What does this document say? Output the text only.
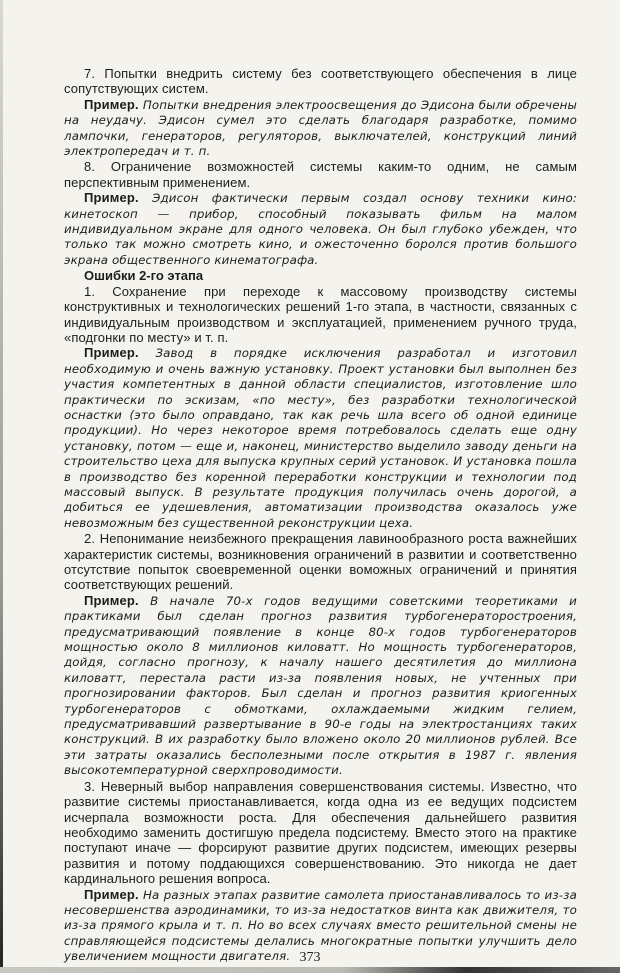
7. Попытки внедрить систему без соответствующего обеспечения в лице сопутствующих систем.

Пример. Попытки внедрения электроосвещения до Эдисона были обречены на неудачу. Эдисон сумел это сделать благодаря разработке, помимо лампочки, генераторов, регуляторов, выключателей, конструкций линий электропередач и т. п.

8. Ограничение возможностей системы каким-то одним, не самым перспективным применением.

Пример. Эдисон фактически первым создал основу техники кино: кинетоскоп — прибор, способный показывать фильм на малом индивидуальном экране для одного человека. Он был глубоко убежден, что только так можно смотреть кино, и ожесточенно боролся против большого экрана общественного кинематографа.

Ошибки 2-го этапа

1. Сохранение при переходе к массовому производству системы конструктивных и технологических решений 1-го этапа, в частности, связанных с индивидуальным производством и эксплуатацией, применением ручного труда, «подгонки по месту» и т. п.

Пример. Завод в порядке исключения разработал и изготовил необходимую и очень важную установку. Проект установки был выполнен без участия компетентных в данной области специалистов, изготовление шло практически по эскизам, «по месту», без разработки технологической оснастки (это было оправдано, так как речь шла всего об одной единице продукции). Но через некоторое время потребовалось сделать еще одну установку, потом — еще и, наконец, министерство выделило заводу деньги на строительство цеха для выпуска крупных серий установок. И установка пошла в производство без коренной переработки конструкции и технологии под массовый выпуск. В результате продукция получилась очень дорогой, а добиться ее удешевления, автоматизации производства оказалось уже невозможным без существенной реконструкции цеха.

2. Непонимание неизбежного прекращения лавинообразного роста важнейших характеристик системы, возникновения ограничений в развитии и соответственно отсутствие попыток своевременной оценки воможных ограничений и принятия соответствующих решений.

Пример. В начале 70-х годов ведущими советскими теоретиками и практиками был сделан прогноз развития турбогенераторостроения, предусматривающий появление в конце 80-х годов турбогенераторов мощностью около 8 миллионов киловатт. Но мощность турбогенераторов, дойдя, согласно прогнозу, к началу нашего десятилетия до миллиона киловатт, перестала расти из-за появления новых, не учтенных при прогнозировании факторов. Был сделан и прогноз развития криогенных турбогенераторов с обмотками, охлаждаемыми жидким гелием, предусматривавший развертывание в 90-е годы на электростанциях таких конструкций. В их разработку было вложено около 20 миллионов рублей. Все эти затраты оказались бесполезными после открытия в 1987 г. явления высокотемпературной сверхпроводимости.

3. Неверный выбор направления совершенствования системы. Известно, что развитие системы приостанавливается, когда одна из ее ведущих подсистем исчерпала возможности роста. Для обеспечения дальнейшего развития необходимо заменить достигшую предела подсистему. Вместо этого на практике поступают иначе — форсируют развитие других подсистем, имеющих резервы развития и потому поддающихся совершенствованию. Это никогда не дает кардинального решения вопроса.

Пример. На разных этапах развитие самолета приостанавливалось то из-за несовершенства аэродинамики, то из-за недостатков винта как движителя, то из-за прямого крыла и т. п. Но во всех случаях вместо решительной смены не справляющейся подсистемы делались многократные попытки улучшить дело увеличением мощности двигателя. 373
